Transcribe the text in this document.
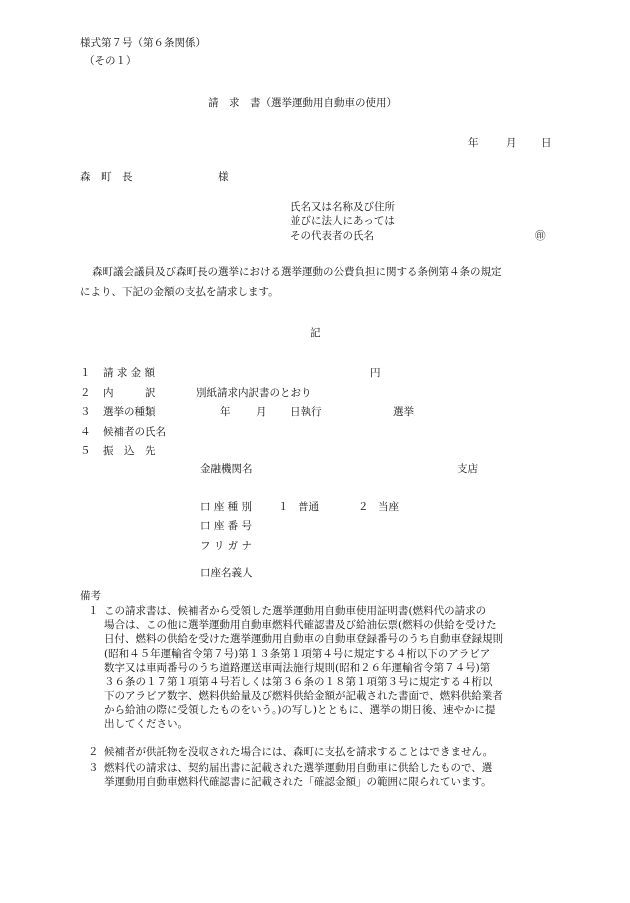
様式第７号（第６条関係）
（その１）
請　求　書（選挙運動用自動車の使用）
年	月 日
森　町　長	様
氏名又は名称及び住所
並びに法人にあっては
その代表者の氏名	㊞
森町議会議員及び森町長の選挙における選挙運動の公費負担に関する条例第４条の規定
により、下記の金額の支払を請求します。
記
１ 請 求 金 額	円
２ 内　　　訳	別紙請求内訳書のとおり
３ 選挙の種類	年 月 日執行	選挙
４ 候補者の氏名
５ 振　込　先
金融機関名	支店
口 座 種 別 １ 普通	２ 当座
口 座 番 号
フ リ ガ ナ
口座名義人
備考
１ この請求書は、候補者から受領した選挙運動用自動車使用証明書(燃料代の請求の

場合は、この他に選挙運動用自動車燃料代確認書及び給油伝票(燃料の供給を受けた

日付、燃料の供給を受けた選挙運動用自動車の自動車登録番号のうち自動車登録規則

(昭和４５年運輸省令第７号)第１３条第１項第４号に規定する４桁以下のアラビア

数字又は車両番号のうち道路運送車両法施行規則(昭和２６年運輸省令第７４号)第

３６条の１７第１項第４号若しくは第３６条の１８第１項第３号に規定する４桁以

下のアラビア数字、燃料供給量及び燃料供給金額が記載された書面で、燃料供給業者

から給油の際に受領したものをいう。)の写し)とともに、選挙の期日後、速やかに提

出してください。

２ 候補者が供託物を没収された場合には、森町に支払を請求することはできません。

３ 燃料代の請求は、契約届出書に記載された選挙運動用自動車に供給したもので、選

挙運動用自動車燃料代確認書に記載された「確認金額」の範囲に限られています。
